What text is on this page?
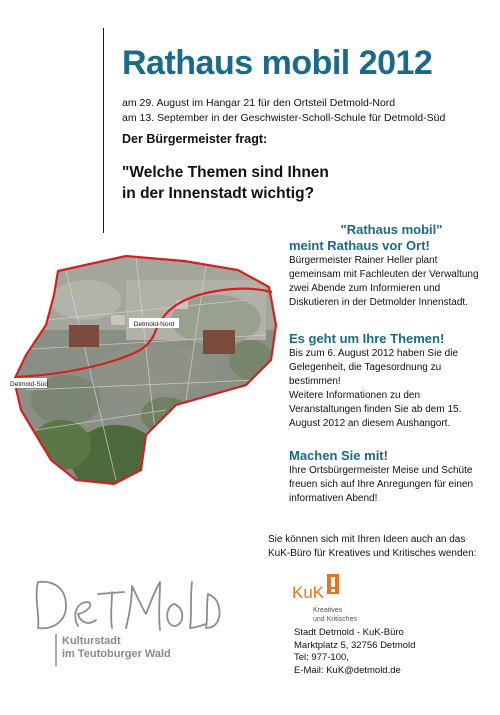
Rathaus mobil 2012
am 29. August im Hangar 21 für den Ortsteil Detmold-Nord
am 13. September in der Geschwister-Scholl-Schule für Detmold-Süd
Der Bürgermeister fragt:
"Welche Themen sind Ihnen
in der Innenstadt wichtig?
Detmold-Nord
Detmold-Süd
"Rathaus mobil"
meint Rathaus vor Ort!
Bürgermeister Rainer Heller plant
gemeinsam mit Fachleuten der Verwaltung
zwei Abende zum Informieren und
Diskutieren in der Detmolder Innenstadt.
Es geht um Ihre Themen!
Bis zum 6. August 2012 haben Sie die
Gelegenheit, die Tagesordnung zu
bestimmen!
Weitere Informationen zu den
Veranstaltungen finden Sie ab dem 15.
August 2012 an diesem Aushangort.
Machen Sie mit!
Ihre Ortsbürgermeister Meise und Schüte
freuen sich auf Ihre Anregungen für einen
informativen Abend!
Sie können sich mit Ihren Ideen auch an das
KuK-Büro für Kreatives und Kritisches wenden:
Kulturstadt
im Teutoburger Wald
KuK
Kreatives
und Kritisches
Stadt Detmold - KuK-Büro
Marktplatz 5, 32756 Detmold
Tel: 977-100,
E-Mail: KuK@detmold.de
